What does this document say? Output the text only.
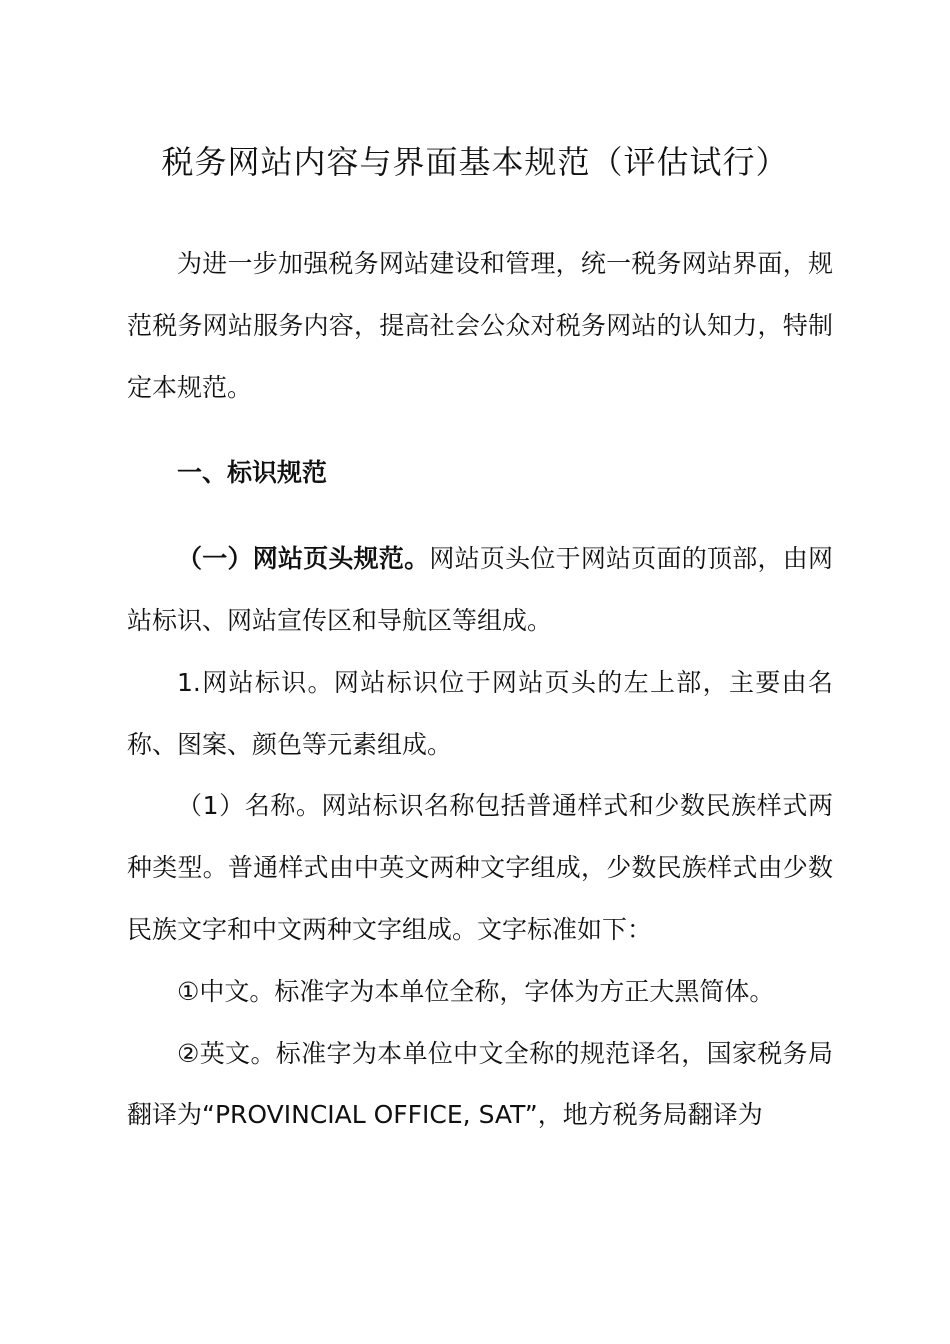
税务网站内容与界面基本规范（评估试行）

为进一步加强税务网站建设和管理，统一税务网站界面，规范税务网站服务内容，提高社会公众对税务网站的认知力，特制定本规范。

一、标识规范

（一）网站页头规范。网站页头位于网站页面的顶部，由网站标识、网站宣传区和导航区等组成。

1.网站标识。网站标识位于网站页头的左上部，主要由名称、图案、颜色等元素组成。

（1）名称。网站标识名称包括普通样式和少数民族样式两种类型。普通样式由中英文两种文字组成，少数民族样式由少数民族文字和中文两种文字组成。文字标准如下：

①中文。标准字为本单位全称，字体为方正大黑简体。

②英文。标准字为本单位中文全称的规范译名，国家税务局翻译为“PROVINCIAL OFFICE, SAT”，地方税务局翻译为
